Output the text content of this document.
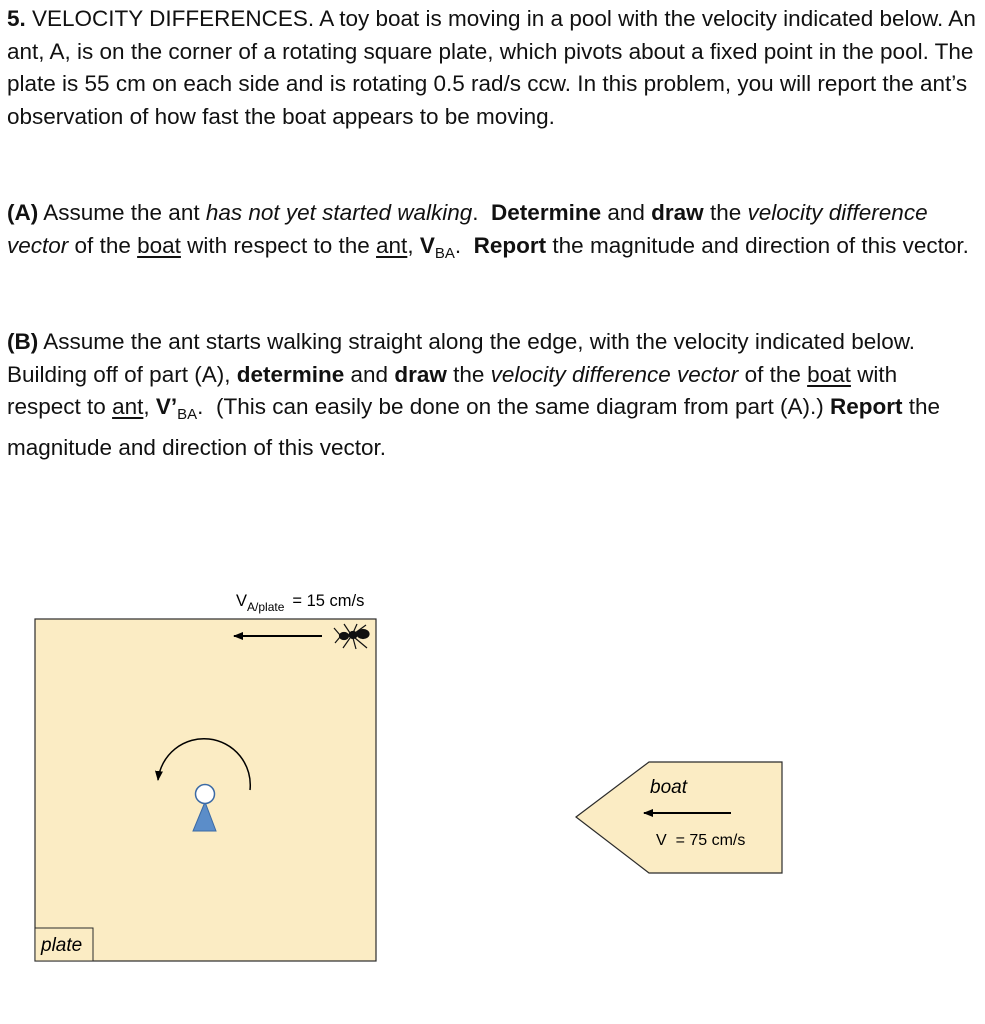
5. VELOCITY DIFFERENCES. A toy boat is moving in a pool with the velocity indicated below. An ant, A, is on the corner of a rotating square plate, which pivots about a fixed point in the pool. The plate is 55 cm on each side and is rotating 0.5 rad/s ccw. In this problem, you will report the ant’s observation of how fast the boat appears to be moving.
(A) Assume the ant has not yet started walking. Determine and draw the velocity difference vector of the boat with respect to the ant, $V_{BA}$. Report the magnitude and direction of this vector.
(B) Assume the ant starts walking straight along the edge, with the velocity indicated below. Building off of part (A), determine and draw the velocity difference vector of the boat with respect to ant, $V’_{BA}$. (This can easily be done on the same diagram from part (A).) Report the magnitude and direction of this vector.
$V_{A/plate} = 15$ cm/s
plate
boat
V  = 75 cm/s
